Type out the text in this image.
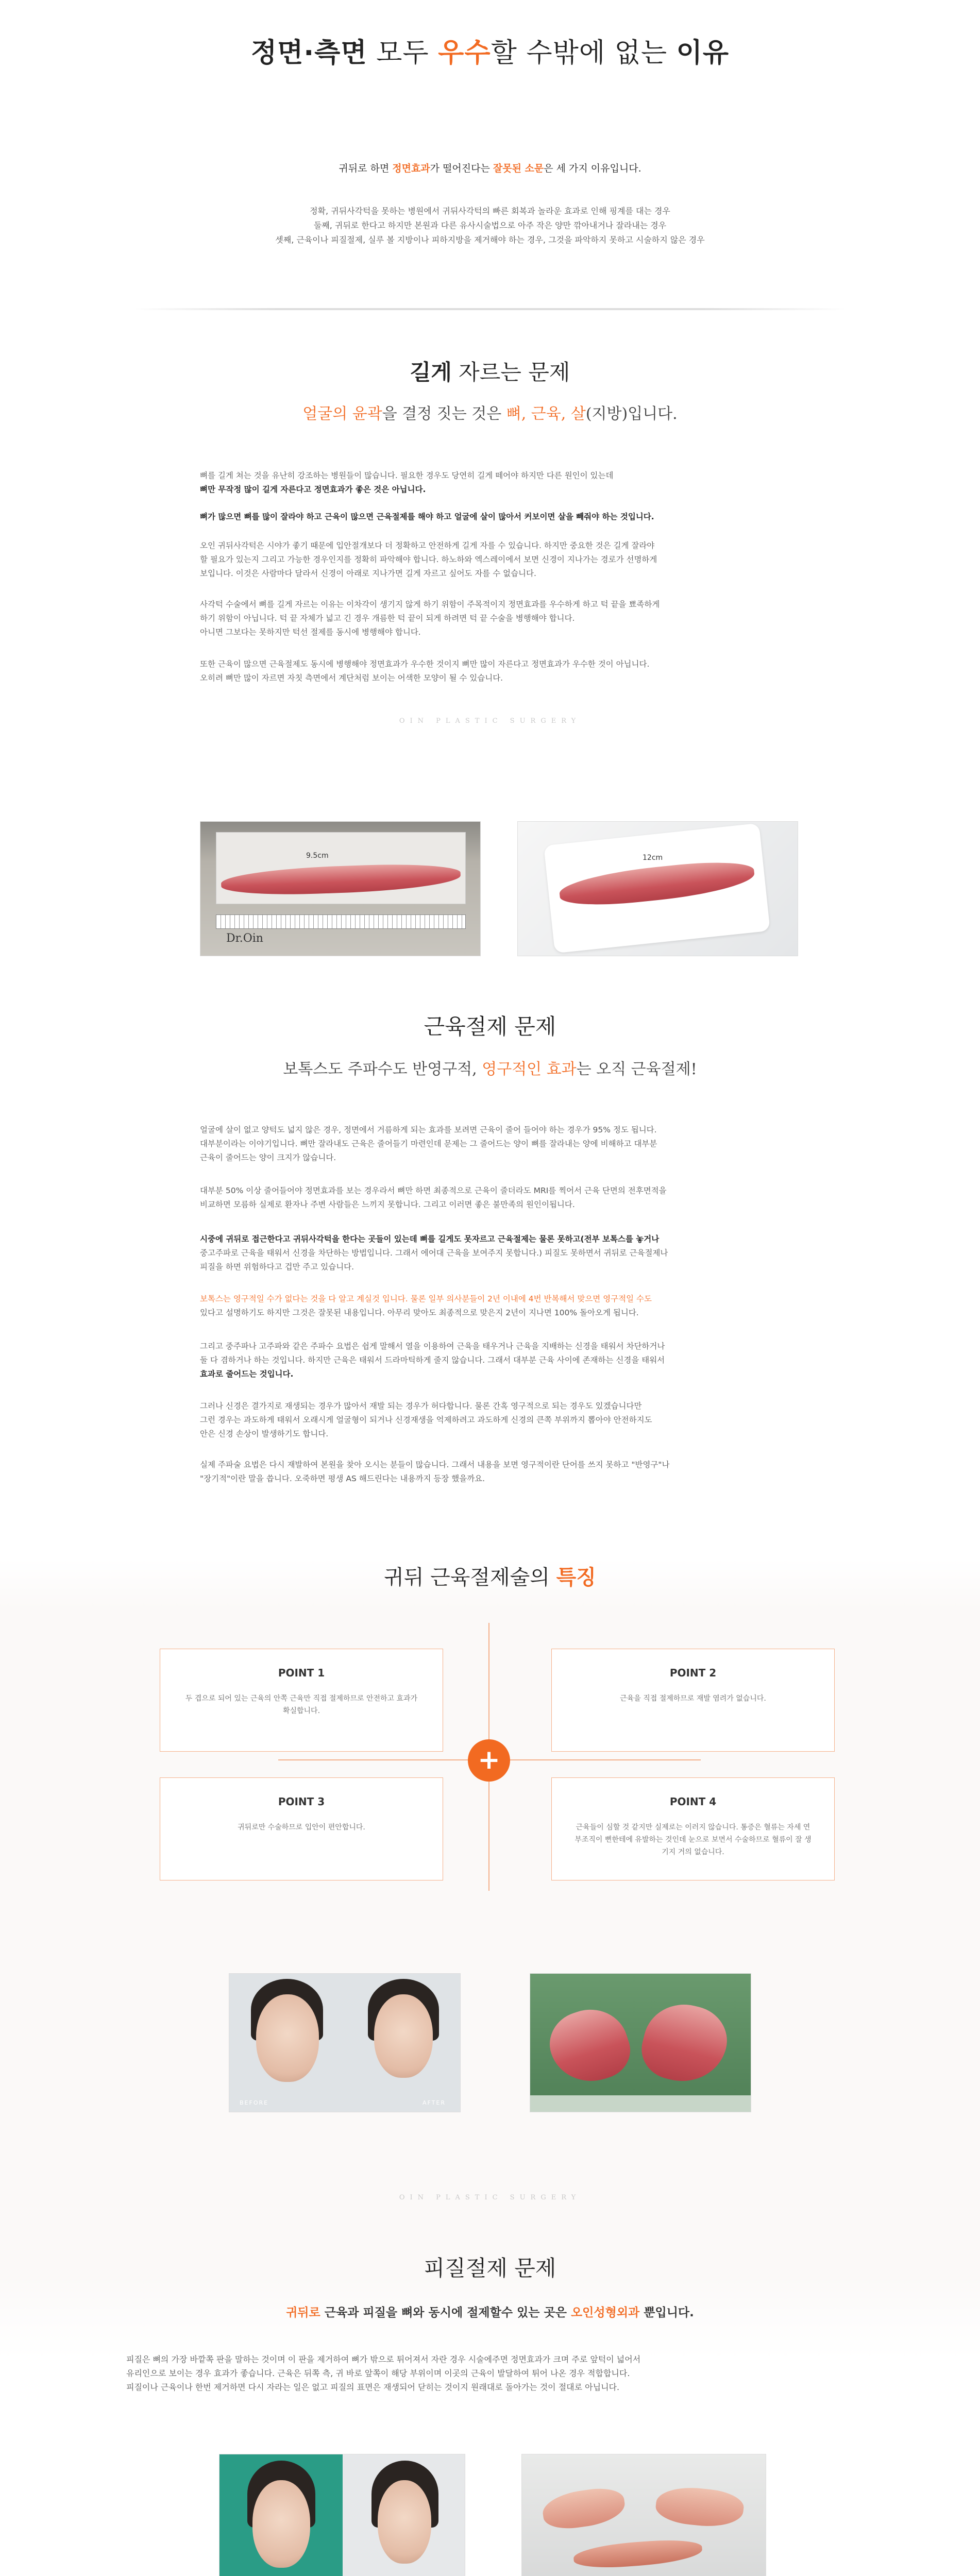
정면·측면 모두 우수할 수밖에 없는 이유
귀뒤로 하면 정면효과가 떨어진다는 잘못된 소문은 세 가지 이유입니다.
정확, 귀뒤사각턱을 못하는 병원에서 귀뒤사각턱의 빠른 회복과 놀라운 효과로 인해 핑계를 대는 경우
둘째, 귀뒤로 한다고 하지만 본원과 다른 유사시술법으로 아주 작은 양만 깎아내거나 잘라내는 경우
셋째, 근육이나 피질절제, 실루 볼 지방이나 피하지방을 제거해야 하는 경우, 그것을 파악하지 못하고 시술하지 않은 경우
길게 자르는 문제
얼굴의 윤곽을 결정 짓는 것은 뼈, 근육, 살(지방)입니다.
뼈를 길게 쳐는 것을 유난히 강조하는 병원들이 많습니다. 필요한 경우도 당연히 길게 떼어야 하지만 다른 원인이 있는데
뼈만 무작정 많이 길게 자른다고 정면효과가 좋은 것은 아닙니다.
뼈가 많으면 뼈를 많이 잘라야 하고 근육이 많으면 근육절제를 해야 하고 얼굴에 살이 많아서 커보이면 살을 빼줘야 하는 것입니다.
오인 귀뒤사각턱은 시야가 좋기 때문에 입안절개보다 더 정확하고 안전하게 길게 자를 수 있습니다. 하지만 중요한 것은 길게 잘라야
할 필요가 있는지 그리고 가능한 경우인지를 정확히 파악해야 합니다. 하노하와 엑스레이에서 보면 신경이 지나가는 경로가 선명하게
보입니다. 이것은 사람마다 달라서 신경이 아래로 지나가면 길게 자르고 싶어도 자를 수 없습니다.
사각턱 수술에서 뼈를 길게 자르는 이유는 이차각이 생기지 않게 하기 위함이 주목적이지 정면효과를 우수하게 하고 턱 끝을 뾰족하게
하기 위함이 아닙니다. 턱 끝 자체가 넓고 긴 경우 개름한 턱 끝이 되게 하려면 턱 끝 수술을 병행해야 합니다.
아니면 그보다는 못하지만 턱선 절제를 동시에 병행해야 합니다.
또한 근육이 많으면 근육절제도 동시에 병행해야 정면효과가 우수한 것이지 뼈만 많이 자른다고 정면효과가 우수한 것이 아닙니다.
오히려 뼈만 많이 자르면 자칫 측면에서 계단처럼 보이는 어색한 모양이 될 수 있습니다.
OIN PLASTIC SURGERY
9.5cm
Dr.Oin
12cm
근육절제 문제
보톡스도 주파수도 반영구적, 영구적인 효과는 오직 근육절제!
얼굴에 살이 없고 양턱도 넓지 않은 경우, 정면에서 거름하게 되는 효과를 보려면 근육이 줄어 들어야 하는 경우가 95% 정도 됩니다.
대부분이라는 이야기입니다. 뼈만 잘라내도 근육은 줄어들기 마련인데 문제는 그 줄어드는 양이 뼈를 잘라내는 양에 비해하고 대부분
근육이 줄어드는 양이 크지가 않습니다.
대부분 50% 이상 줄어들어야 정면효과를 보는 경우라서 뼈만 하면 최종적으로 근육이 줄더라도 MRI를 찍어서 근육 단면의 전후면적을
비교하면 모름하 실제로 환자나 주변 사람들은 느끼지 못합니다. 그리고 이러면 좋은 불만족의 원인이됩니다.
시중에 귀뒤로 접근한다고 귀뒤사각턱을 한다는 곳들이 있는데 뼈를 길게도 못자르고 근육절제는 물론 못하고(전부 보톡스를 놓거나
중고주파로 근육을 태워서 신경을 차단하는 방법입니다. 그래서 에어대 근육을 보여주지 못합니다.) 피질도 못하면서 귀뒤로 근육절제나
피질을 하면 위험하다고 겁만 주고 있습니다.
보톡스는 영구적일 수가 없다는 것을 다 알고 계실것 입니다. 물론 일부 의사분들이 2년 이내에 4번 반복해서 맞으면 영구적일 수도
있다고 설명하기도 하지만 그것은 잘못된 내용입니다. 아무리 맞아도 최종적으로 맞은지 2년이 지나면 100% 돌아오게 됩니다.
그리고 중주파나 고주파와 같은 주파수 요법은 쉽게 말해서 열을 이용하여 근육을 태우거나 근육을 지배하는 신경을 태워서 차단하거나
둘 다 겸하거나 하는 것입니다. 하지만 근육은 태워서 드라마틱하게 줄지 않습니다. 그래서 대부분 근육 사이에 존재하는 신경을 태워서
효과로 줄어드는 것입니다.
그러나 신경은 결가지로 재생되는 경우가 많아서 재발 되는 경우가 허다합니다. 물론 간혹 영구적으로 되는 경우도 있겠습니다만
그런 경우는 과도하게 태워서 오래시게 얼굴형이 되거나 신경재생을 억제하려고 과도하게 신경의 큰쪽 부위까지 뽑아야 안전하지도
안은 신경 손상이 발생하기도 합니다.
실제 주파술 요법은 다시 재발하여 본원을 찾아 오시는 분들이 많습니다. 그래서 내용을 보면 영구적이란 단어를 쓰지 못하고 "반영구"나
"장기적"이란 말을 씁니다. 오죽하면 평생 AS 해드린다는 내용까지 등장 했을까요.
귀뒤 근육절제술의 특징
POINT 1
두 겹으로 되어 있는 근육의 안쪽 근육만 직접 절제하므로 안전하고 효과가 확실합니다.
POINT 2
근육을 직접 절제하므로 재발 염려가 없습니다.
POINT 3
귀뒤로만 수술하므로 입안이 편안합니다.
POINT 4
근육들이 심할 것 같지만 실제로는 이러지 않습니다. 통증은 혈류는 자세 연부조직이 뻔한테에 유발하는 것인데 눈으로 보면서 수술하므로 혈류이 잘 생기지 거의 없습니다.
+
BEFORE	AFTER
OIN PLASTIC SURGERY
피질절제 문제
귀뒤로 근육과 피질을 뼈와 동시에 절제할수 있는 곳은 오인성형외과 뿐입니다.
피질은 뼈의 가장 바깥쪽 판을 말하는 것이며 이 판을 제거하여 뼈가 밖으로 튀어져서 자란 경우 시술에주면 정면효과가 크며 주로 앞턱이 넓어서
유리인으로 보이는 경우 효과가 좋습니다. 근육은 뒤쪽 측, 귀 바로 앞쪽이 해당 부위이며 이곳의 근육이 발달하여 튀어 나온 경우 적합합니다.
피질이나 근육이나 한번 제거하면 다시 자라는 일은 없고 피질의 표면은 재생되어 닫히는 것이지 원래대로 돌아가는 것이 절대로 아닙니다.
